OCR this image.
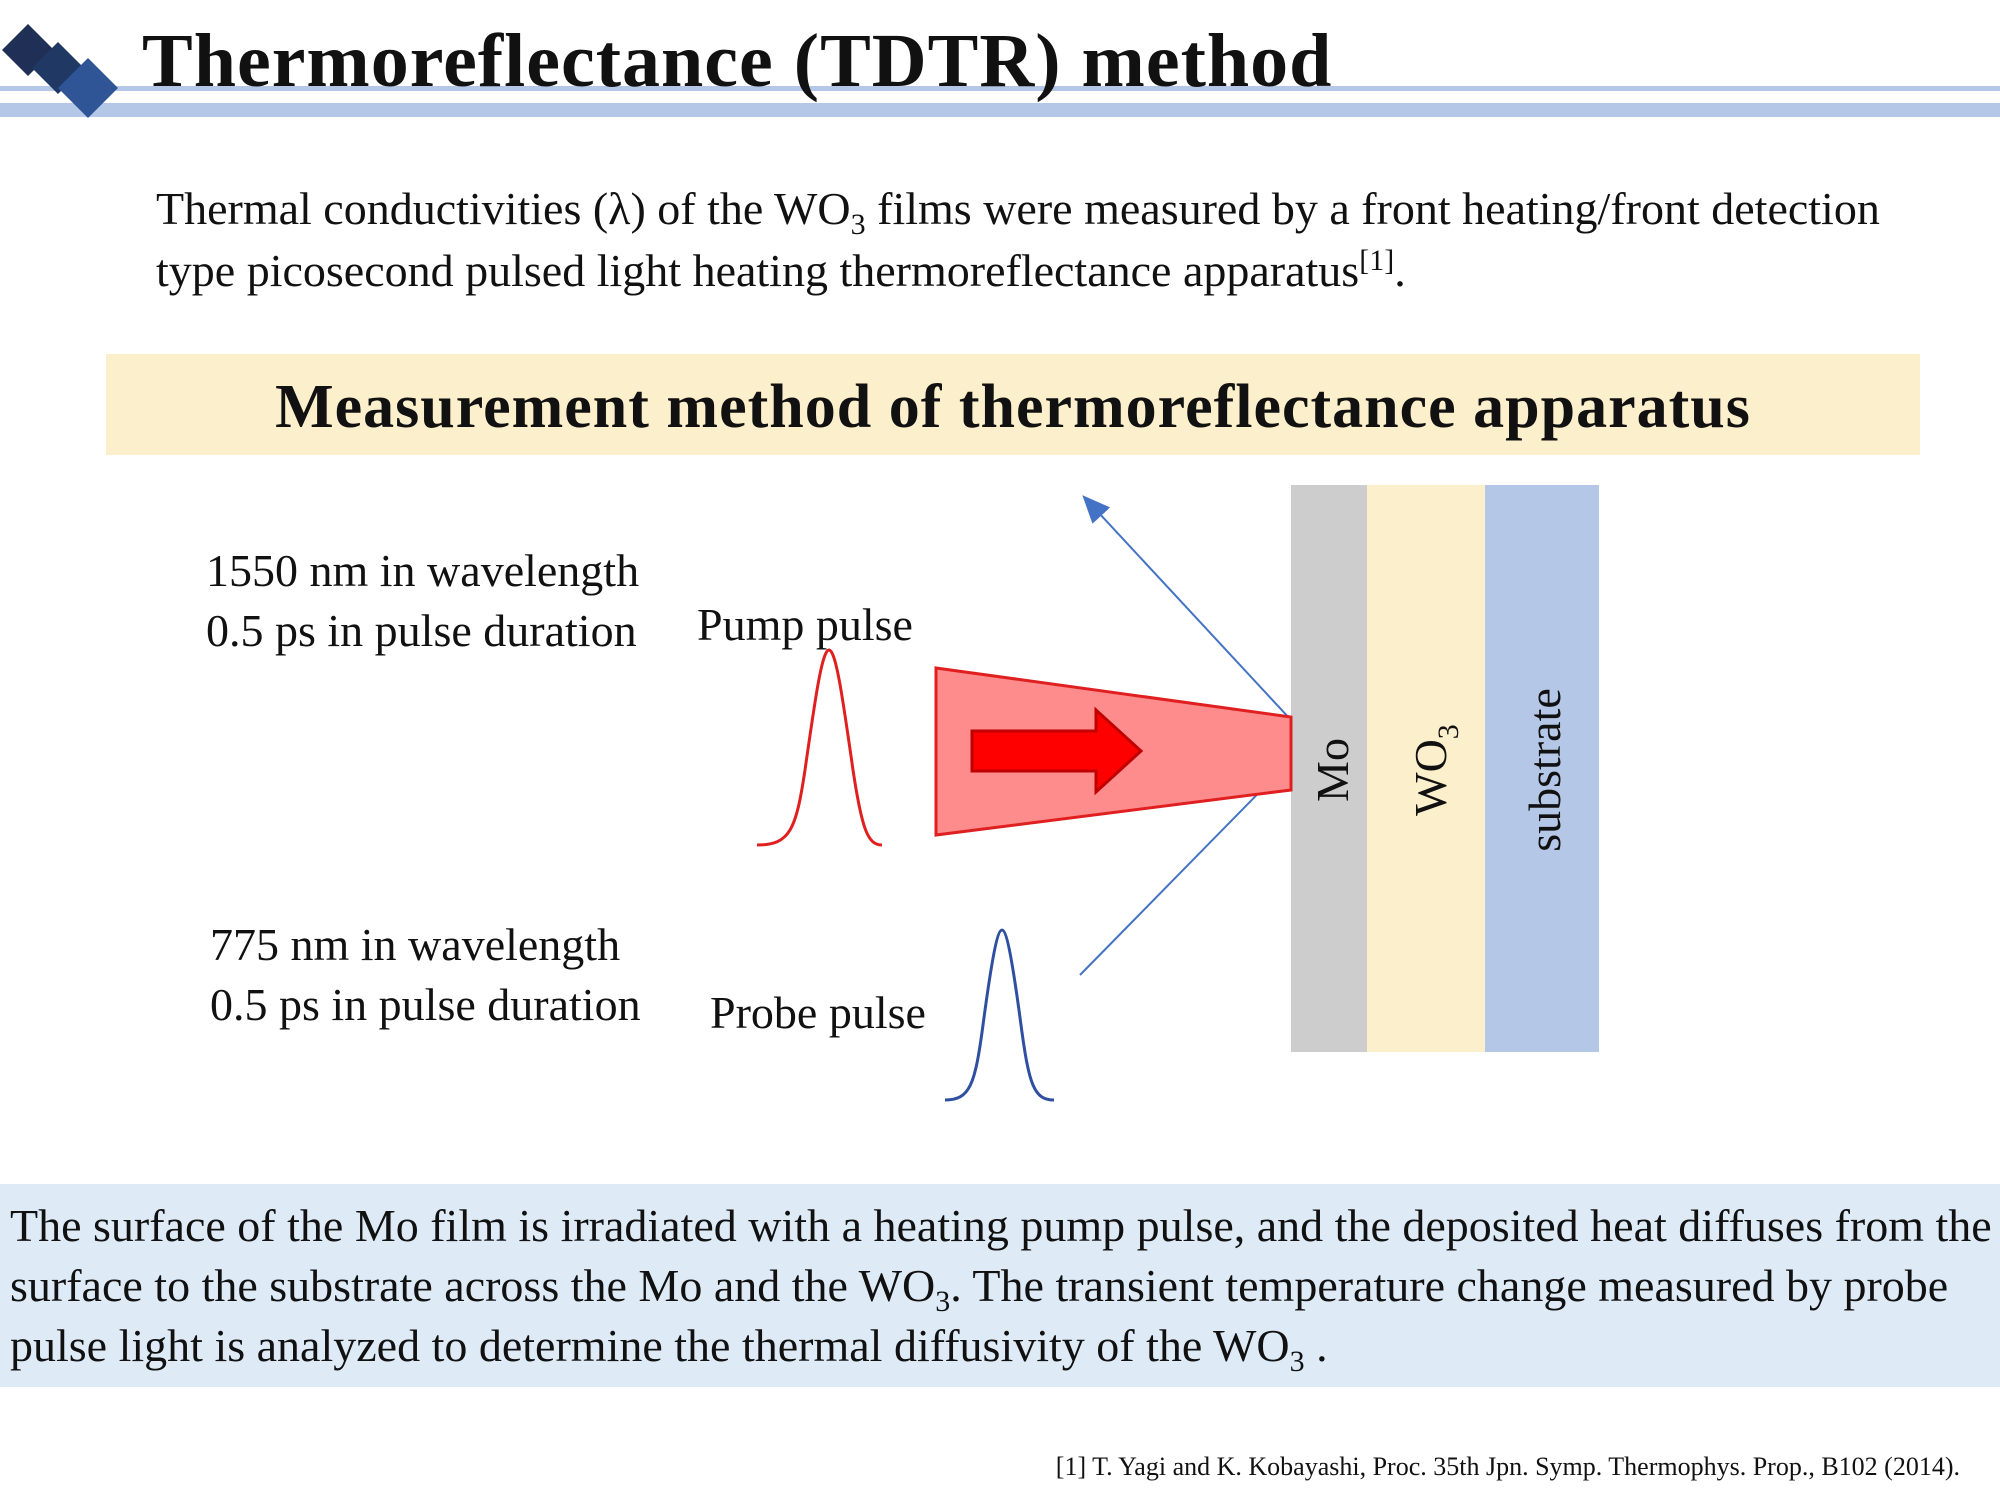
Thermoreflectance (TDTR) method
Thermal conductivities (λ) of the $WO_3$ films were measured by a front heating/front detection type picosecond pulsed light heating thermoreflectance apparatus[1].
Measurement method of thermoreflectance apparatus
Mo $WO_3$ substrate
1550 nm in wavelength
0.5 ps in pulse duration Pump pulse
775 nm in wavelength
0.5 ps in pulse duration Probe pulse
The surface of the Mo film is irradiated with a heating pump pulse, and the deposited heat diffuses from the surface to the substrate across the Mo and the $WO_3$. The transient temperature change measured by probe pulse light is analyzed to determine the thermal diffusivity of the $WO_3$ .
[1] T. Yagi and K. Kobayashi, Proc. 35th Jpn. Symp. Thermophys. Prop., B102 (2014).
